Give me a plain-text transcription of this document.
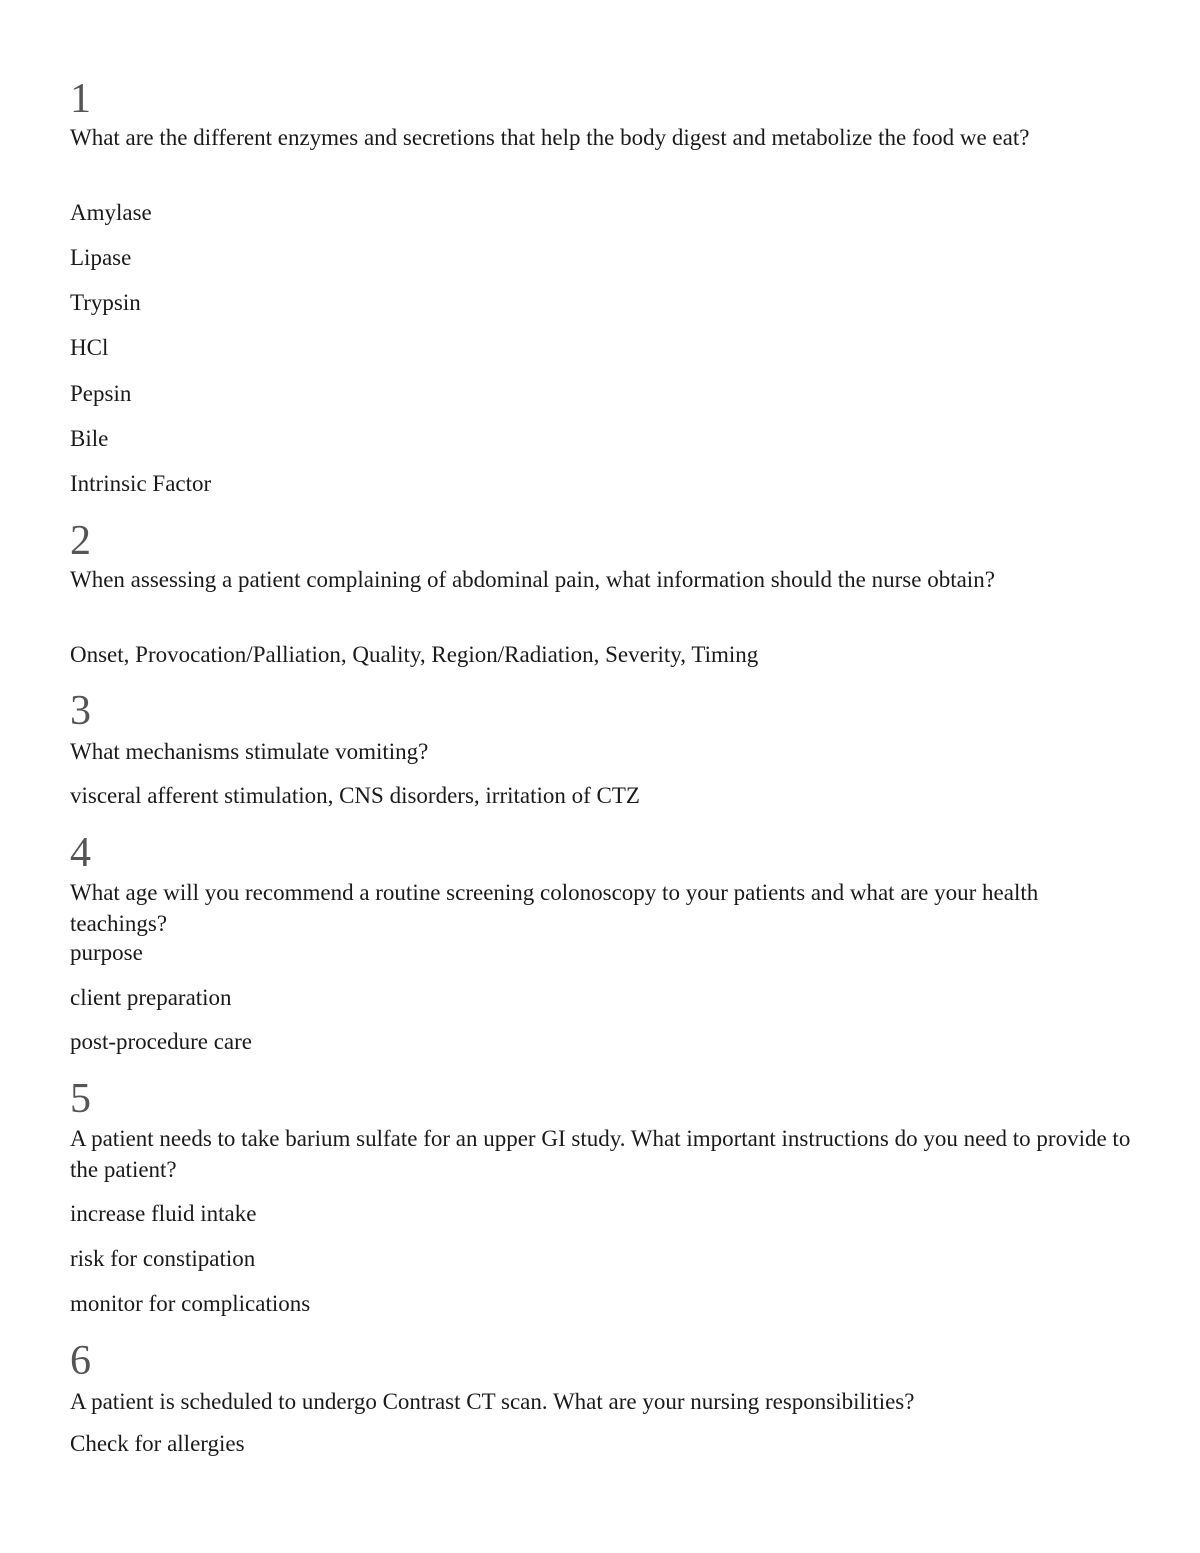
1
What are the different enzymes and secretions that help the body digest and metabolize the food we eat?
Amylase
Lipase
Trypsin
HCl
Pepsin
Bile
Intrinsic Factor
2
When assessing a patient complaining of abdominal pain, what information should the nurse obtain?
Onset, Provocation/Palliation, Quality, Region/Radiation, Severity, Timing
3
What mechanisms stimulate vomiting?
visceral afferent stimulation, CNS disorders, irritation of CTZ
4
What age will you recommend a routine screening colonoscopy to your patients and what are your health teachings?
purpose
client preparation
post-procedure care
5
A patient needs to take barium sulfate for an upper GI study. What important instructions do you need to provide to the patient?
increase fluid intake
risk for constipation
monitor for complications
6
A patient is scheduled to undergo Contrast CT scan. What are your nursing responsibilities?
Check for allergies
